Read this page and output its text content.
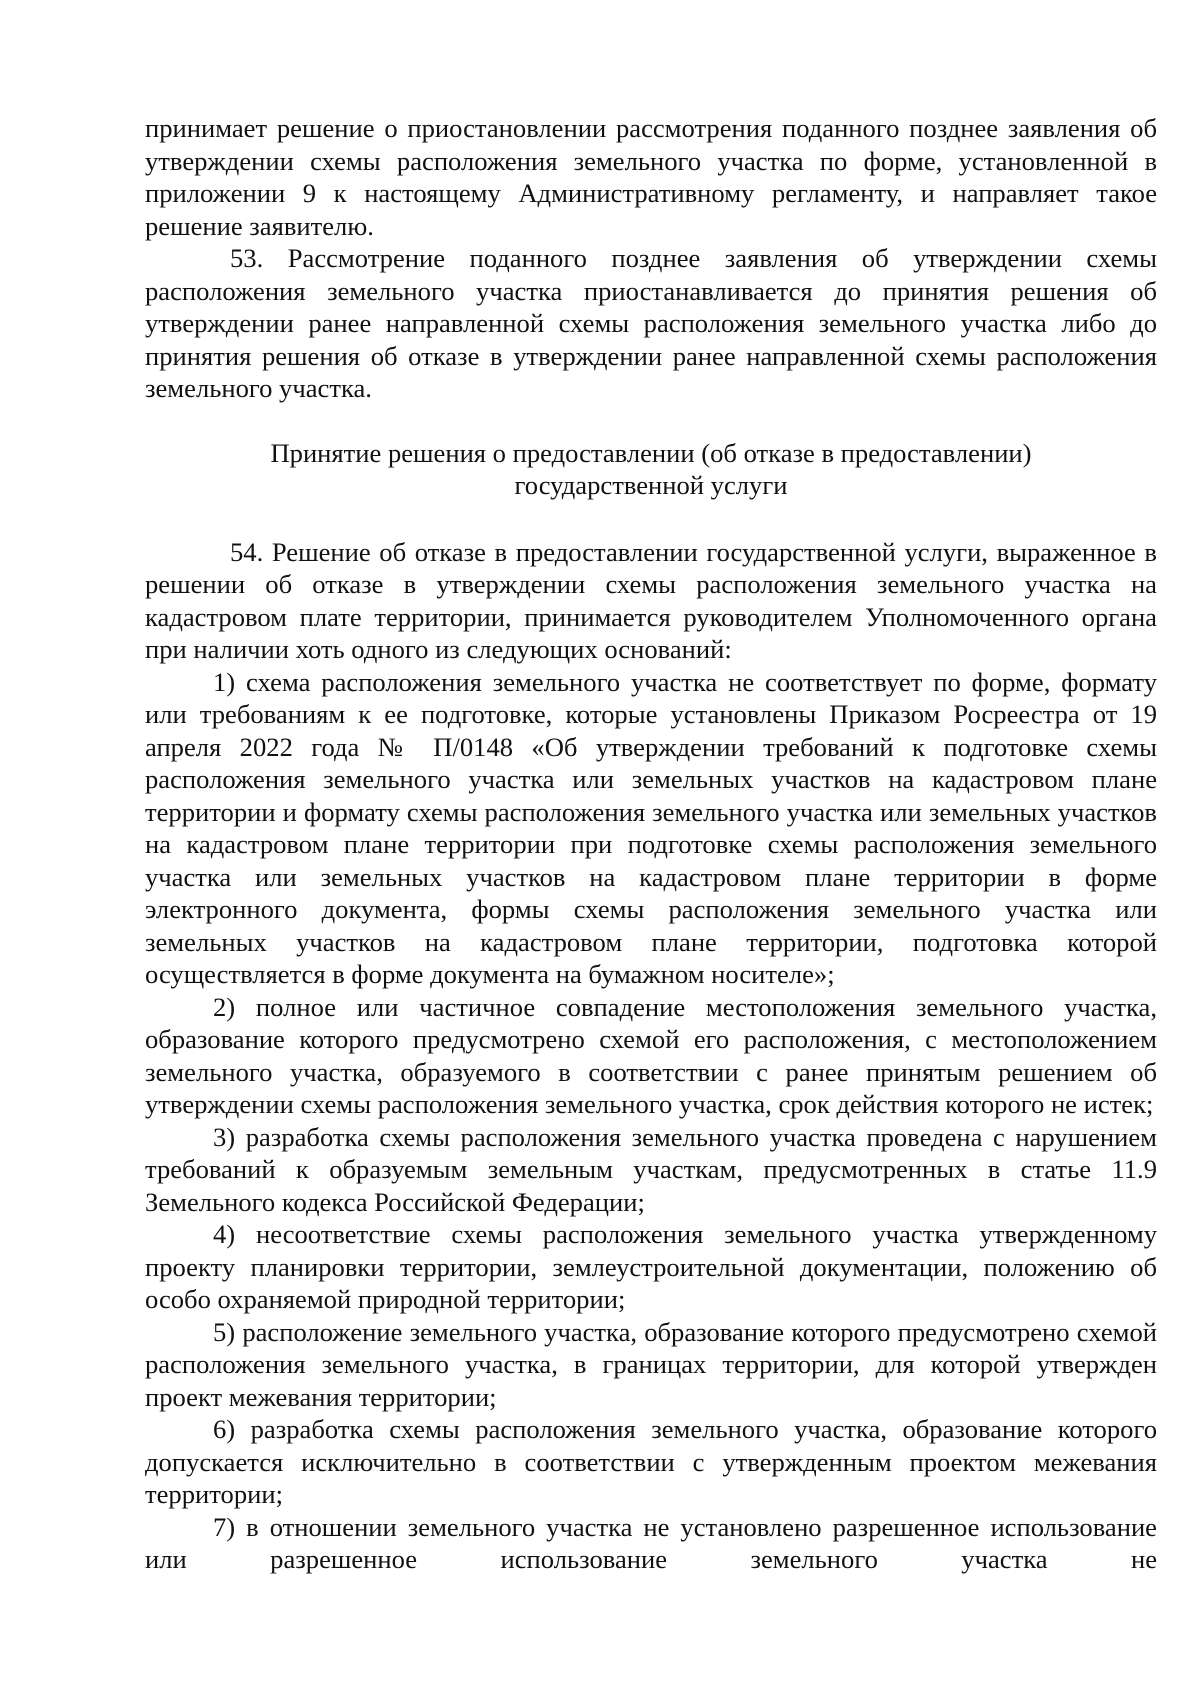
принимает решение о приостановлении рассмотрения поданного позднее заявления об утверждении схемы расположения земельного участка по форме, установленной в приложении 9 к настоящему Административному регламенту, и направляет такое решение заявителю.

53. Рассмотрение поданного позднее заявления об утверждении схемы расположения земельного участка приостанавливается до принятия решения об утверждении ранее направленной схемы расположения земельного участка либо до принятия решения об отказе в утверждении ранее направленной схемы расположения земельного участка.

Принятие решения о предоставлении (об отказе в предоставлении)
государственной услуги

54. Решение об отказе в предоставлении государственной услуги, выраженное в решении об отказе в утверждении схемы расположения земельного участка на кадастровом плате территории, принимается руководителем Уполномоченного органа при наличии хоть одного из следующих оснований:

1) схема расположения земельного участка не соответствует по форме, формату или требованиям к ее подготовке, которые установлены Приказом Росреестра от 19 апреля 2022 года № П/0148 «Об утверждении требований к подготовке схемы расположения земельного участка или земельных участков на кадастровом плане территории и формату схемы расположения земельного участка или земельных участков на кадастровом плане территории при подготовке схемы расположения земельного участка или земельных участков на кадастровом плане территории в форме электронного документа, формы схемы расположения земельного участка или земельных участков на кадастровом плане территории, подготовка которой осуществляется в форме документа на бумажном носителе»;

2) полное или частичное совпадение местоположения земельного участка, образование которого предусмотрено схемой его расположения, с местоположением земельного участка, образуемого в соответствии с ранее принятым решением об утверждении схемы расположения земельного участка, срок действия которого не истек;

3) разработка схемы расположения земельного участка проведена с нарушением требований к образуемым земельным участкам, предусмотренных в статье 11.9 Земельного кодекса Российской Федерации;

4) несоответствие схемы расположения земельного участка утвержденному проекту планировки территории, землеустроительной документации, положению об особо охраняемой природной территории;

5) расположение земельного участка, образование которого предусмотрено схемой расположения земельного участка, в границах территории, для которой утвержден проект межевания территории;

6) разработка схемы расположения земельного участка, образование которого допускается исключительно в соответствии с утвержденным проектом межевания территории;

7) в отношении земельного участка не установлено разрешенное использование или разрешенное использование земельного участка не
